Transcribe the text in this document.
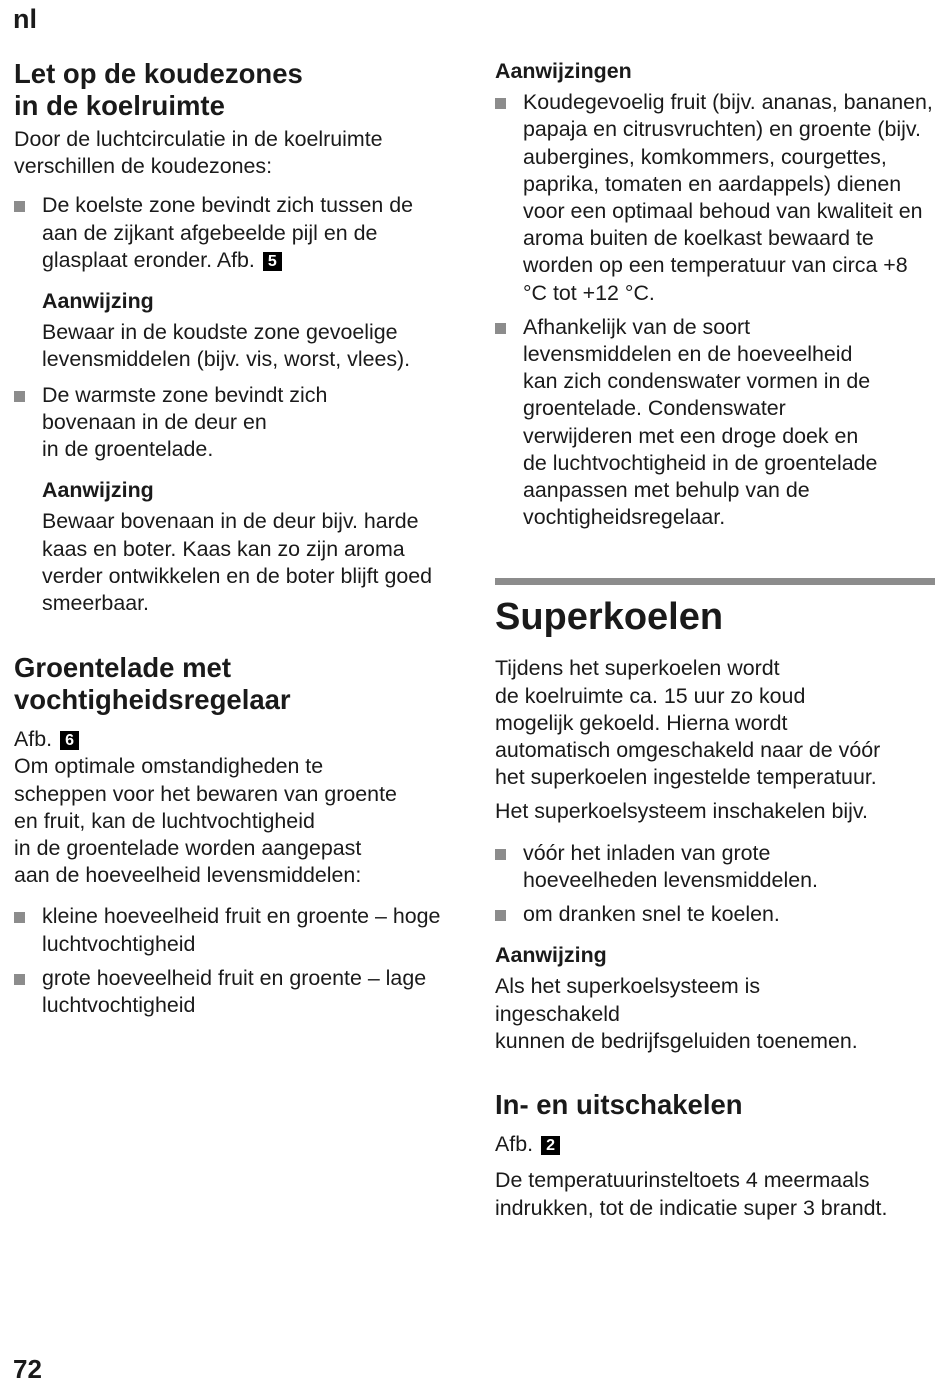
nl
Let op de koudezones
in de koelruimte

Door de luchtcirculatie in de koelruimte verschillen de koudezones:

De koelste zone bevindt zich tussen de aan de zijkant afgebeelde pijl en de glasplaat eronder. Afb. 5

Aanwijzing

Bewaar in de koudste zone gevoelige levensmiddelen (bijv. vis, worst, vlees).

De warmste zone bevindt zich
bovenaan in de deur en
in de groentelade.

Aanwijzing

Bewaar bovenaan in de deur bijv. harde kaas en boter. Kaas kan zo zijn aroma verder ontwikkelen en de boter blijft goed smeerbaar.

Groentelade met
vochtigheidsregelaar

Afb. 6

Om optimale omstandigheden te

scheppen voor het bewaren van groente

en fruit, kan de luchtvochtigheid

in de groentelade worden aangepast

aan de hoeveelheid levensmiddelen:

kleine hoeveelheid fruit en groente – hoge luchtvochtigheid
grote hoeveelheid fruit en groente – lage luchtvochtigheid

Aanwijzingen

Koudegevoelig fruit (bijv. ananas, bananen, papaja en citrusvruchten) en groente (bijv. aubergines, komkommers, courgettes, paprika, tomaten en aardappels) dienen voor een optimaal behoud van kwaliteit en aroma buiten de koelkast bewaard te worden op een temperatuur van circa +8 °C tot +12 °C.
Afhankelijk van de soort
levensmiddelen en de hoeveelheid
kan zich condenswater vormen in de
groentelade. Condenswater
verwijderen met een droge doek en
de luchtvochtigheid in de groentelade
aanpassen met behulp van de
vochtigheidsregelaar.
Superkoelen

Tijdens het superkoelen wordt

de koelruimte ca. 15 uur zo koud

mogelijk gekoeld. Hierna wordt

automatisch omgeschakeld naar de vóór

het superkoelen ingestelde temperatuur.

Het superkoelsysteem inschakelen bijv.

vóór het inladen van grote
hoeveelheden levensmiddelen.
om dranken snel te koelen.

Aanwijzing

Als het superkoelsysteem is

ingeschakeld

kunnen de bedrijfsgeluiden toenemen.

In- en uitschakelen

Afb. 2

De temperatuurinsteltoets 4 meermaals indrukken, tot de indicatie super 3 brandt.

72
